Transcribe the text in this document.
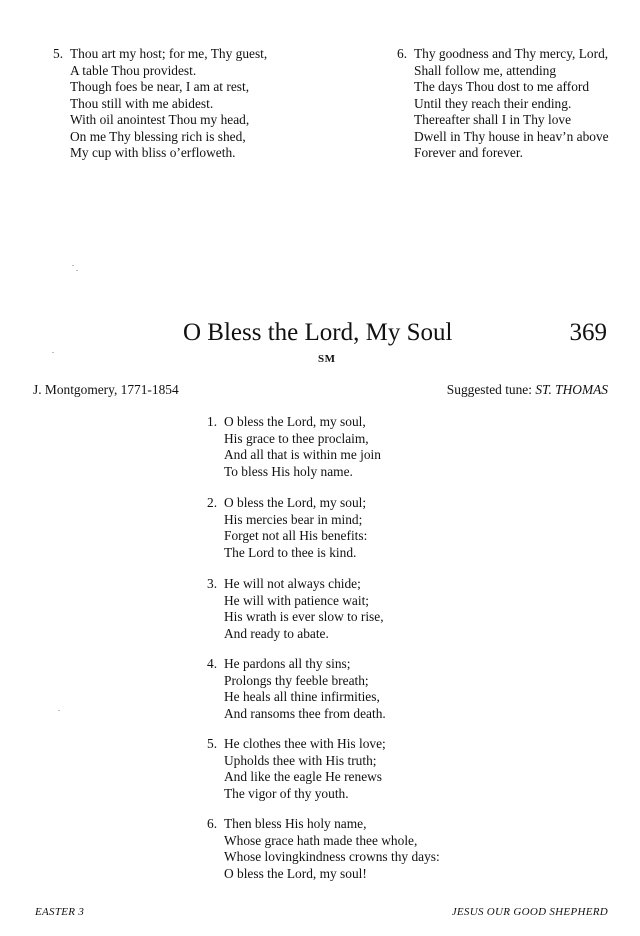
5. Thou art my host; for me, Thy guest,
A table Thou providest.
Though foes be near, I am at rest,
Thou still with me abidest.
With oil anointest Thou my head,
On me Thy blessing rich is shed,
My cup with bliss o’erfloweth.
6. Thy goodness and Thy mercy, Lord,
Shall follow me, attending
The days Thou dost to me afford
Until they reach their ending.
Thereafter shall I in Thy love
Dwell in Thy house in heav’n above
Forever and forever.
O Bless the Lord, My Soul	369
SM
J. Montgomery, 1771-1854	Suggested tune: ST. THOMAS
1. O bless the Lord, my soul,
His grace to thee proclaim,
And all that is within me join
To bless His holy name.
2. O bless the Lord, my soul;
His mercies bear in mind;
Forget not all His benefits:
The Lord to thee is kind.
3. He will not always chide;
He will with patience wait;
His wrath is ever slow to rise,
And ready to abate.
4. He pardons all thy sins;
Prolongs thy feeble breath;
He heals all thine infirmities,
And ransoms thee from death.
5. He clothes thee with His love;
Upholds thee with His truth;
And like the eagle He renews
The vigor of thy youth.
6. Then bless His holy name,
Whose grace hath made thee whole,
Whose lovingkindness crowns thy days:
O bless the Lord, my soul!
EASTER 3	JESUS OUR GOOD SHEPHERD
